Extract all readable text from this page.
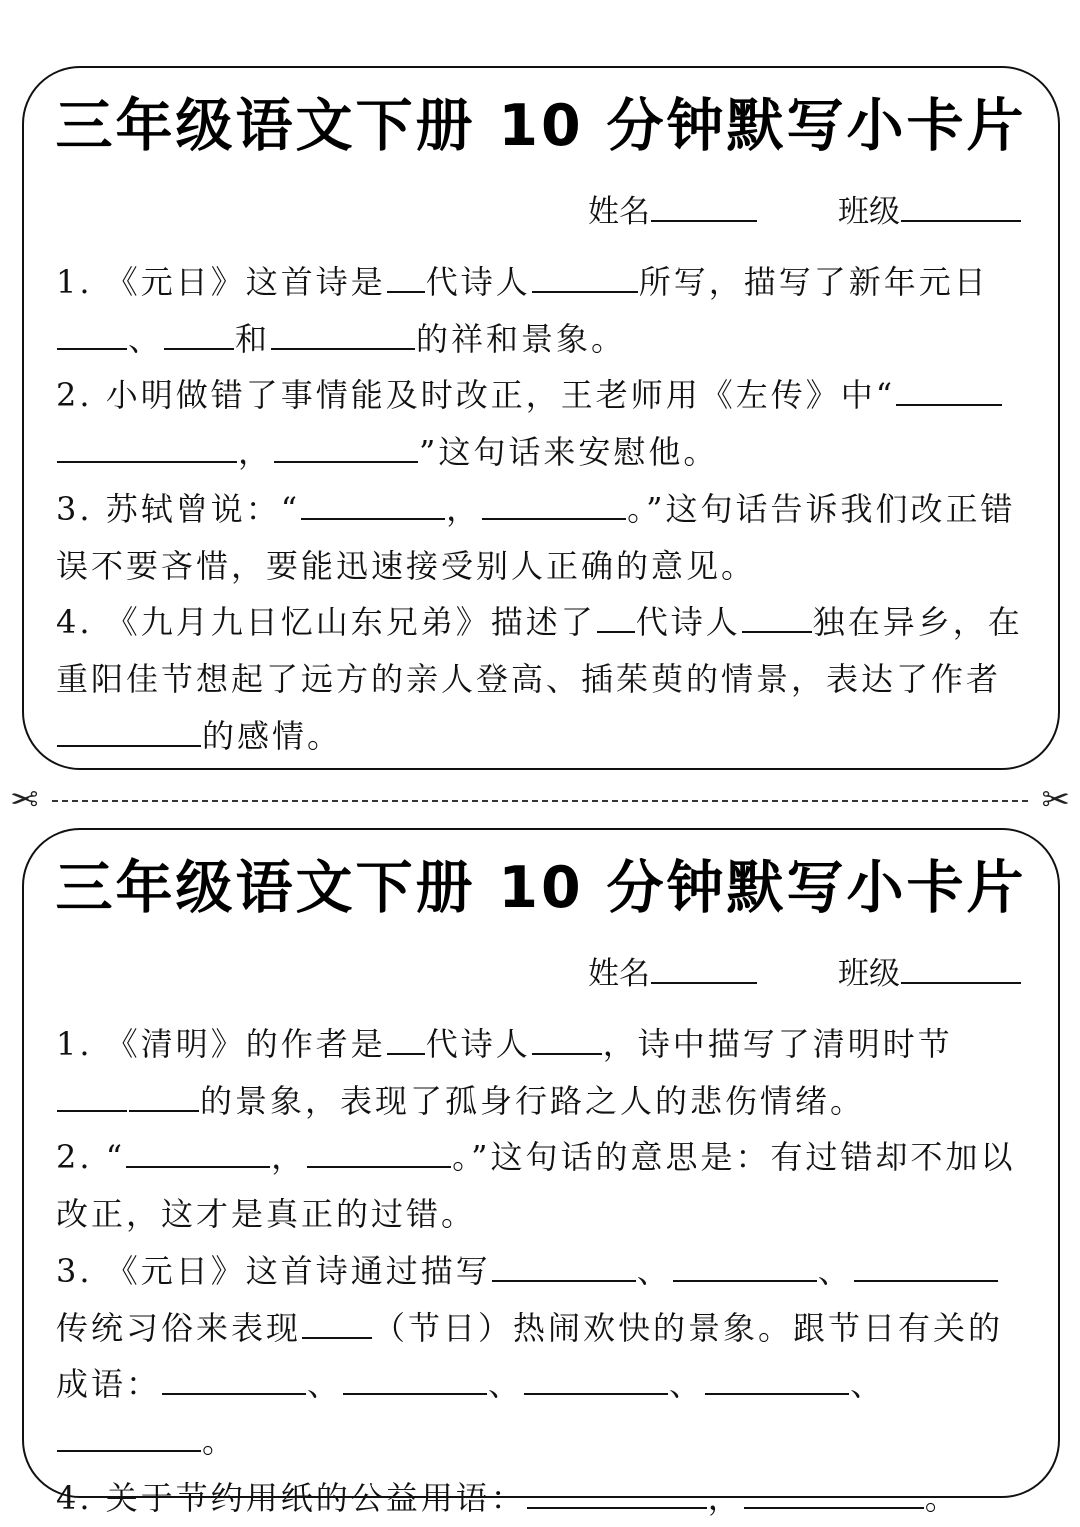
三年级语文下册 10 分钟默写小卡片
姓名	班级

1. 《元日》这首诗是 代诗人	所写，描写了新年元日、 和	的祥和景象。

2. 小明做错了事情能及时改正，王老师用《左传》中“，	”这句话来安慰他。

3. 苏轼曾说：“	，	。”这句话告诉我们改正错误不要吝惜，要能迅速接受别人正确的意见。

4. 《九月九日忆山东兄弟》描述了 代诗人 独在异乡，在重阳佳节想起了远方的亲人登高、插茱萸的情景，表达了作者的感情。

✂	✂
三年级语文下册 10 分钟默写小卡片
姓名	班级

1. 《清明》的作者是 代诗人 ，诗中描写了清明时节的景象，表现了孤身行路之人的悲伤情绪。

2. “	，	。”这句话的意思是：有过错却不加以改正，这才是真正的过错。

3. 《元日》这首诗通过描写	、	、传统习俗来表现 （节日）热闹欢快的景象。跟节日有关的成语：	、	、	、	、。

4. 关于节约用纸的公益用语：	，	。
